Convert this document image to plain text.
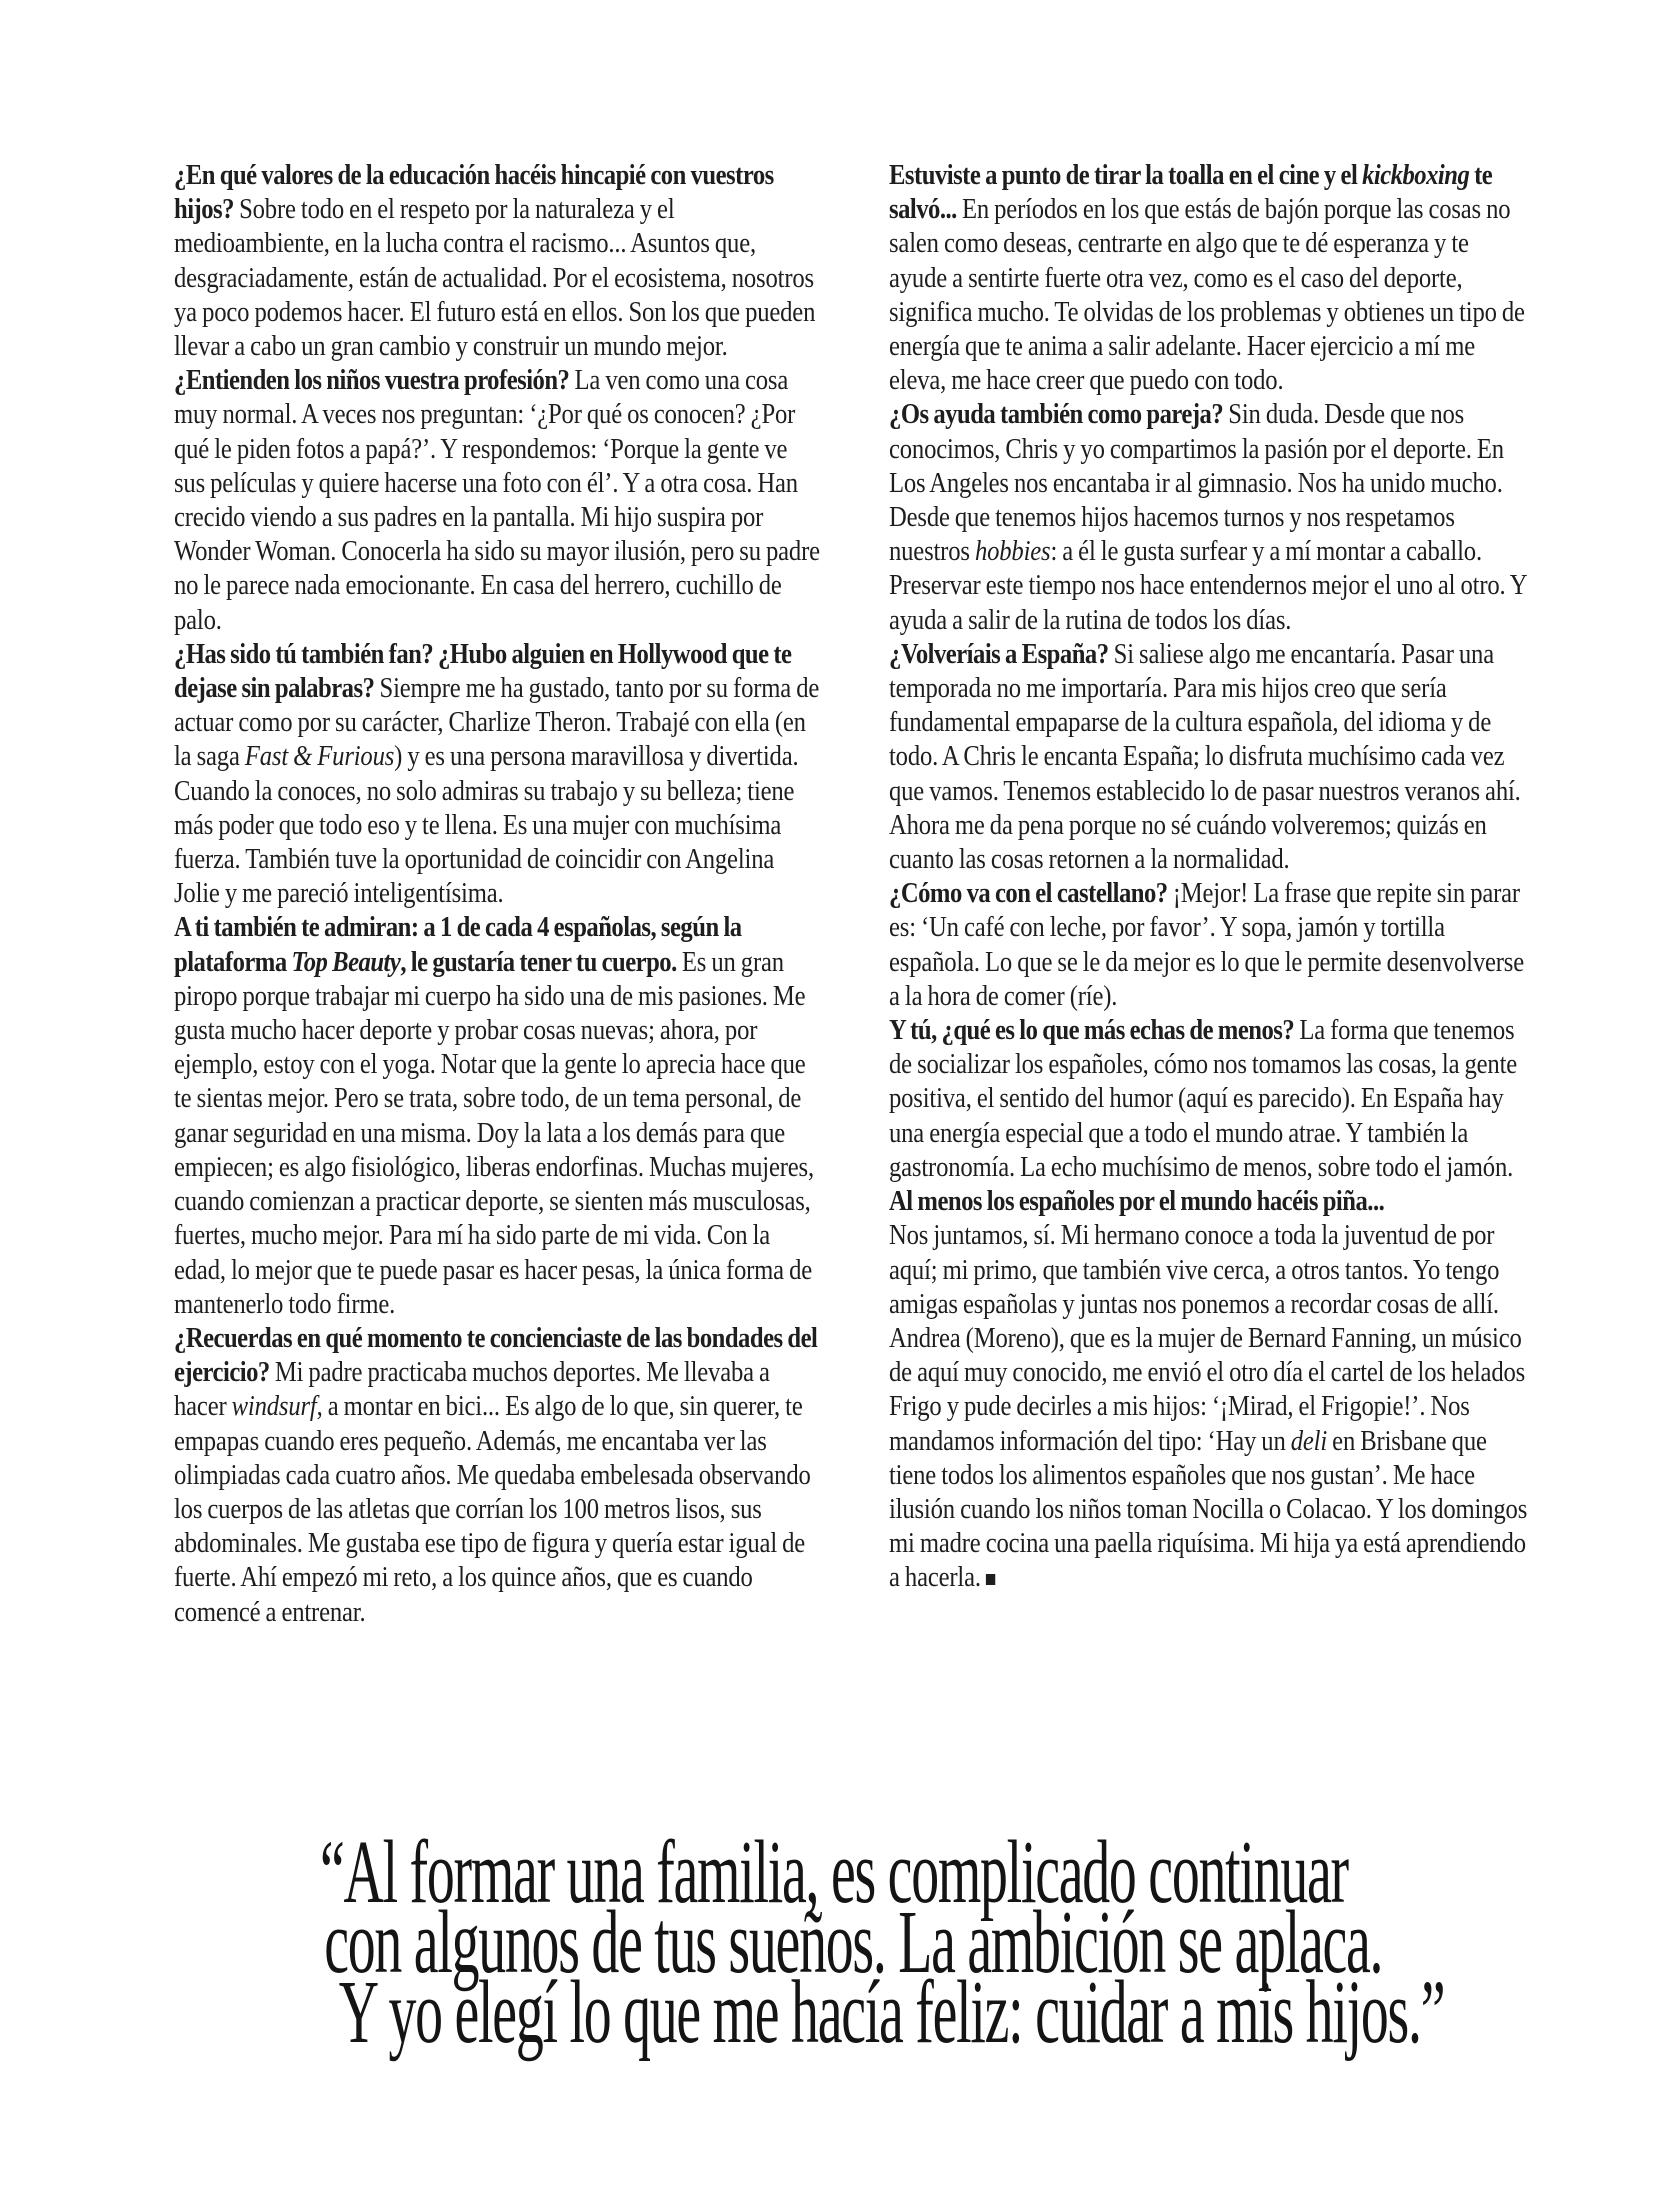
¿En qué valores de la educación hacéis hincapié con vuestros hijos? Sobre todo en el respeto por la naturaleza y el medioambiente, en la lucha contra el racismo... Asuntos que, desgraciadamente, están de actualidad. Por el ecosistema, nosotros ya poco podemos hacer. El futuro está en ellos. Son los que pueden llevar a cabo un gran cambio y construir un mundo mejor.

¿Entienden los niños vuestra profesión? La ven como una cosa muy normal. A veces nos preguntan: ‘¿Por qué os conocen? ¿Por qué le piden fotos a papá?’. Y respondemos: ‘Porque la gente ve sus películas y quiere hacerse una foto con él’. Y a otra cosa. Han crecido viendo a sus padres en la pantalla. Mi hijo suspira por Wonder Woman. Conocerla ha sido su mayor ilusión, pero su padre no le parece nada emocionante. En casa del herrero, cuchillo de palo.

¿Has sido tú también fan? ¿Hubo alguien en Hollywood que te dejase sin palabras? Siempre me ha gustado, tanto por su forma de actuar como por su carácter, Charlize Theron. Trabajé con ella (en la saga Fast & Furious) y es una persona maravillosa y divertida. Cuando la conoces, no solo admiras su trabajo y su belleza; tiene más poder que todo eso y te llena. Es una mujer con muchísima fuerza. También tuve la oportunidad de coincidir con Angelina Jolie y me pareció inteligentísima.

A ti también te admiran: a 1 de cada 4 españolas, según la plataforma Top Beauty, le gustaría tener tu cuerpo. Es un gran piropo porque trabajar mi cuerpo ha sido una de mis pasiones. Me gusta mucho hacer deporte y probar cosas nuevas; ahora, por ejemplo, estoy con el yoga. Notar que la gente lo aprecia hace que te sientas mejor. Pero se trata, sobre todo, de un tema personal, de ganar seguridad en una misma. Doy la lata a los demás para que empiecen; es algo fisiológico, liberas endorfinas. Muchas mujeres, cuando comienzan a practicar deporte, se sienten más musculosas, fuertes, mucho mejor. Para mí ha sido parte de mi vida. Con la edad, lo mejor que te puede pasar es hacer pesas, la única forma de mantenerlo todo firme.

¿Recuerdas en qué momento te concienciaste de las bondades del ejercicio? Mi padre practicaba muchos deportes. Me llevaba a hacer windsurf, a montar en bici... Es algo de lo que, sin querer, te empapas cuando eres pequeño. Además, me encantaba ver las olimpiadas cada cuatro años. Me quedaba embelesada observando los cuerpos de las atletas que corrían los 100 metros lisos, sus abdominales. Me gustaba ese tipo de figura y quería estar igual de fuerte. Ahí empezó mi reto, a los quince años, que es cuando comencé a entrenar.

Estuviste a punto de tirar la toalla en el cine y el kickboxing te salvó... En períodos en los que estás de bajón porque las cosas no salen como deseas, centrarte en algo que te dé esperanza y te ayude a sentirte fuerte otra vez, como es el caso del deporte, significa mucho. Te olvidas de los problemas y obtienes un tipo de energía que te anima a salir adelante. Hacer ejercicio a mí me eleva, me hace creer que puedo con todo.

¿Os ayuda también como pareja? Sin duda. Desde que nos conocimos, Chris y yo compartimos la pasión por el deporte. En Los Angeles nos encantaba ir al gimnasio. Nos ha unido mucho. Desde que tenemos hijos hacemos turnos y nos respetamos nuestros hobbies: a él le gusta surfear y a mí montar a caballo. Preservar este tiempo nos hace entendernos mejor el uno al otro. Y ayuda a salir de la rutina de todos los días.

¿Volveríais a España? Si saliese algo me encantaría. Pasar una temporada no me importaría. Para mis hijos creo que sería fundamental empaparse de la cultura española, del idioma y de todo. A Chris le encanta España; lo disfruta muchísimo cada vez que vamos. Tenemos establecido lo de pasar nuestros veranos ahí. Ahora me da pena porque no sé cuándo volveremos; quizás en cuanto las cosas retornen a la normalidad.

¿Cómo va con el castellano? ¡Mejor! La frase que repite sin parar es: ‘Un café con leche, por favor’. Y sopa, jamón y tortilla española. Lo que se le da mejor es lo que le permite desenvolverse a la hora de comer (ríe).

Y tú, ¿qué es lo que más echas de menos? La forma que tenemos de socializar los españoles, cómo nos tomamos las cosas, la gente positiva, el sentido del humor (aquí es parecido). En España hay una energía especial que a todo el mundo atrae. Y también la gastronomía. La echo muchísimo de menos, sobre todo el jamón.

Al menos los españoles por el mundo hacéis piña...
Nos juntamos, sí. Mi hermano conoce a toda la juventud de por aquí; mi primo, que también vive cerca, a otros tantos. Yo tengo amigas españolas y juntas nos ponemos a recordar cosas de allí. Andrea (Moreno), que es la mujer de Bernard Fanning, un músico de aquí muy conocido, me envió el otro día el cartel de los helados Frigo y pude decirles a mis hijos: ‘¡Mirad, el Frigopie!’. Nos mandamos información del tipo: ‘Hay un deli en Brisbane que tiene todos los alimentos españoles que nos gustan’. Me hace ilusión cuando los niños toman Nocilla o Colacao. Y los domingos mi madre cocina una paella riquísima. Mi hija ya está aprendiendo a hacerla.

“Al formar una familia, es complicado continuar
con algunos de tus sueños. La ambición se aplaca.
Y yo elegí lo que me hacía feliz: cuidar a mis hijos.”
